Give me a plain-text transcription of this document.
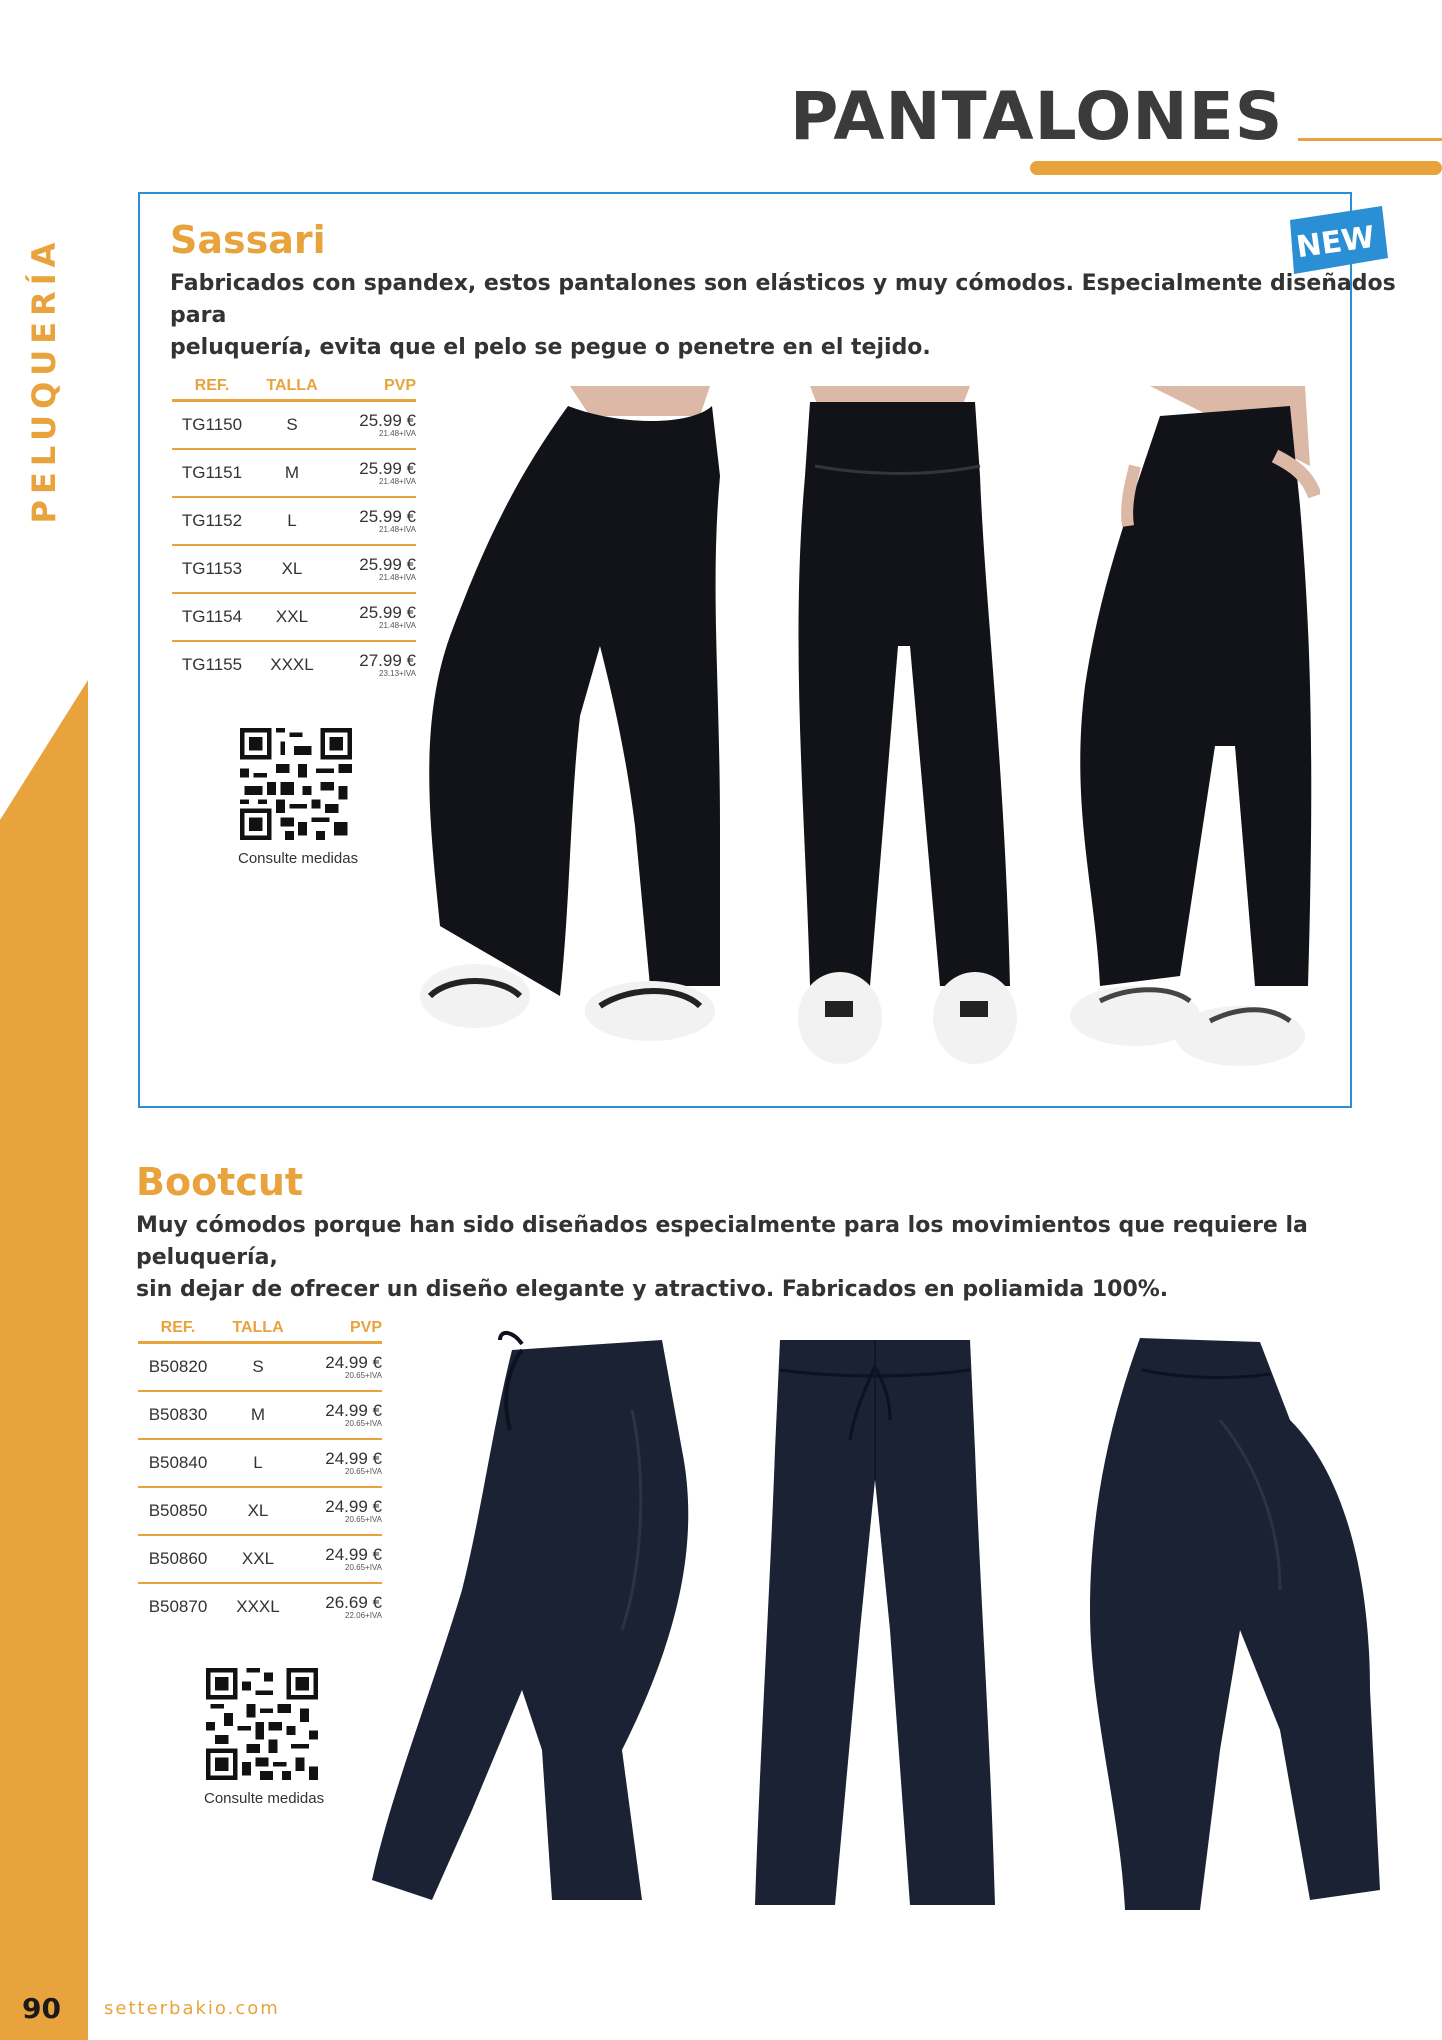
PELUQUERÍA
90 setterbakio.com
PANTALONES
NEW
Sassari
Fabricados con spandex, estos pantalones son elásticos y muy cómodos. Especialmente diseñados para
peluquería, evita que el pelo se pegue o penetre en el tejido.
REF.	TALLA	PVP
TG1150	S	25.99 €
21.48+IVA
TG1151	M	25.99 €
21.48+IVA
TG1152	L	25.99 €
21.48+IVA
TG1153	XL	25.99 €
21.48+IVA
TG1154	XXL	25.99 €
21.48+IVA
TG1155	XXXL	27.99 €
23.13+IVA
Consulte medidas
Bootcut
Muy cómodos porque han sido diseñados especialmente para los movimientos que requiere la peluquería,
sin dejar de ofrecer un diseño elegante y atractivo. Fabricados en poliamida 100%.
REF.	TALLA	PVP
B50820	S	24.99 €
20.65+IVA
B50830	M	24.99 €
20.65+IVA
B50840	L	24.99 €
20.65+IVA
B50850	XL	24.99 €
20.65+IVA
B50860	XXL	24.99 €
20.65+IVA
B50870	XXXL	26.69 €
22.06+IVA
Consulte medidas
